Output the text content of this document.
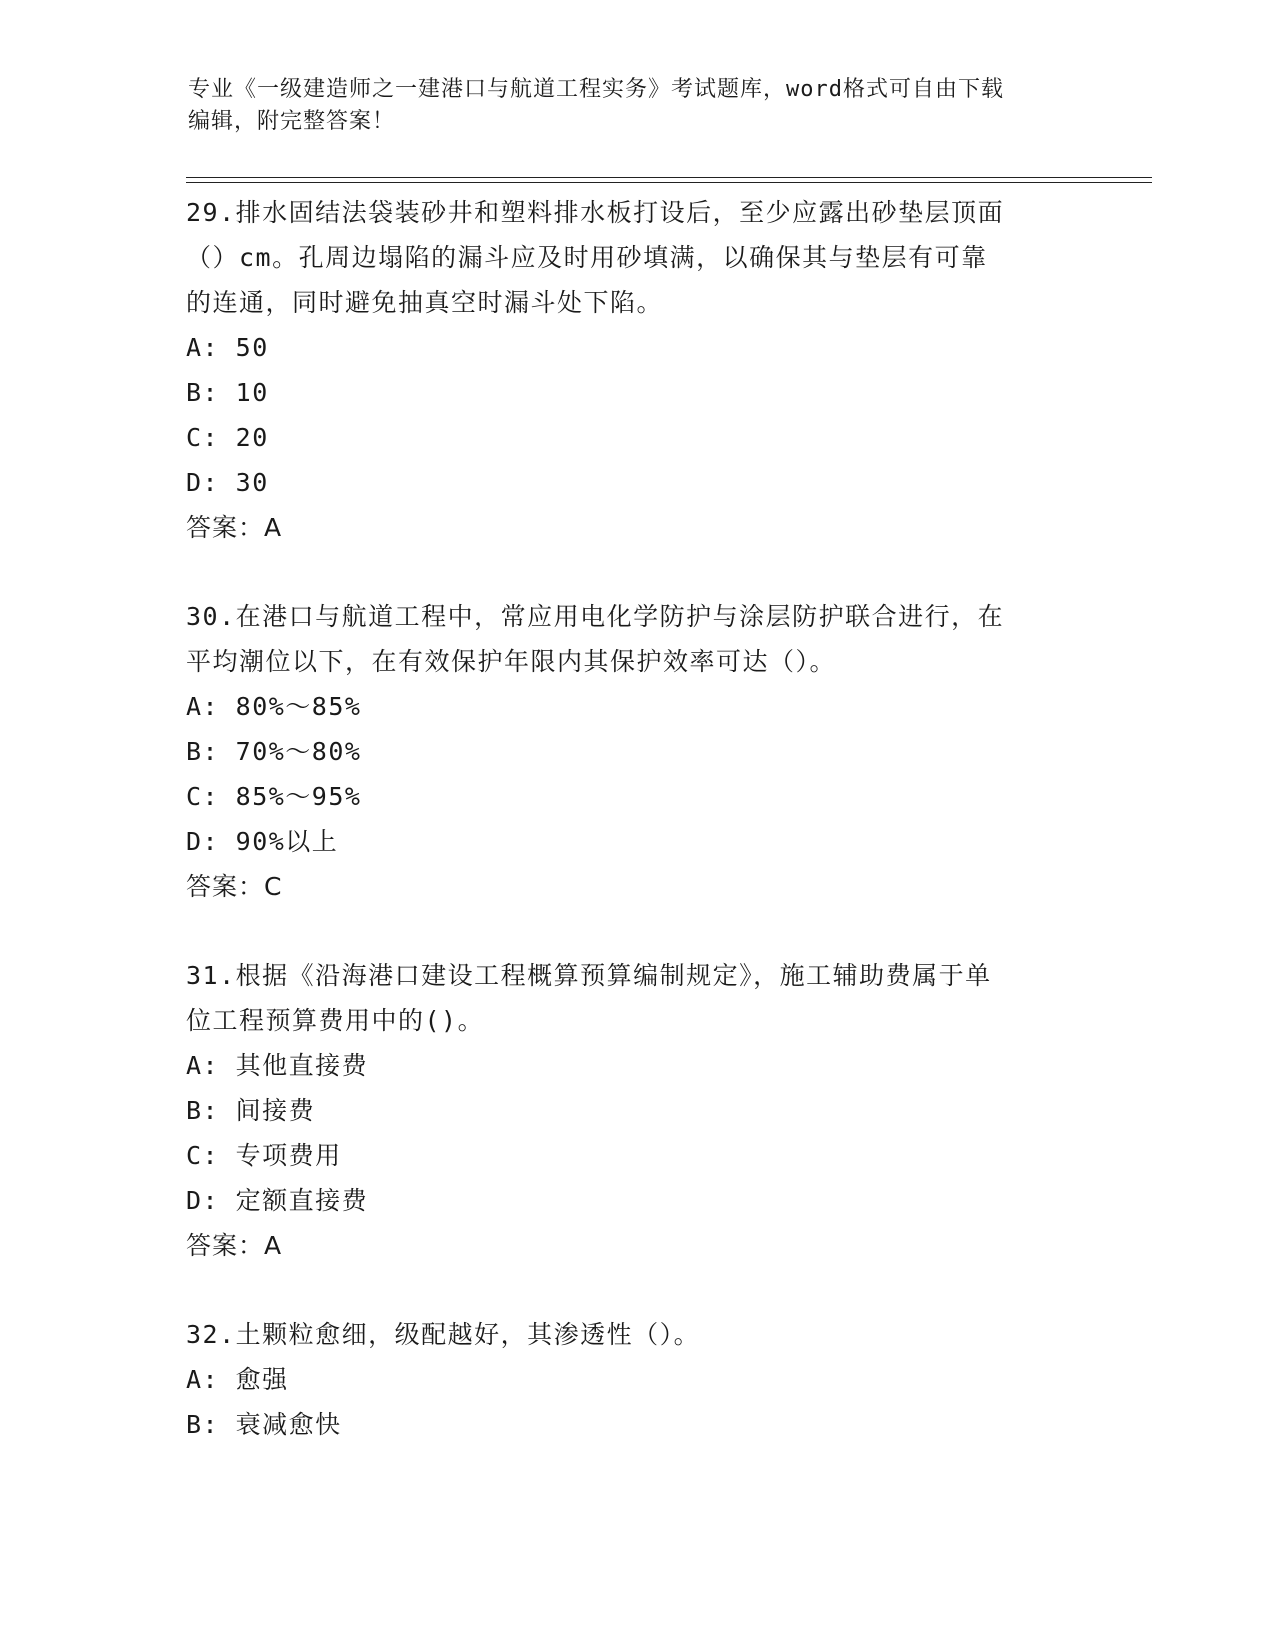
专业《一级建造师之一建港口与航道工程实务》考试题库，word格式可自由下载
编辑，附完整答案！
29.排水固结法袋装砂井和塑料排水板打设后，至少应露出砂垫层顶面
（）cm。孔周边塌陷的漏斗应及时用砂填满，以确保其与垫层有可靠
的连通，同时避免抽真空时漏斗处下陷。
A: 50
B: 10
C: 20
D: 30
答案：A
30.在港口与航道工程中，常应用电化学防护与涂层防护联合进行，在
平均潮位以下，在有效保护年限内其保护效率可达（）。
A: 80%～85%
B: 70%～80%
C: 85%～95%
D: 90%以上
答案：C
31.根据《沿海港口建设工程概算预算编制规定》，施工辅助费属于单
位工程预算费用中的()。
A: 其他直接费
B: 间接费
C: 专项费用
D: 定额直接费
答案：A
32.土颗粒愈细，级配越好，其渗透性（）。
A: 愈强
B: 衰减愈快
